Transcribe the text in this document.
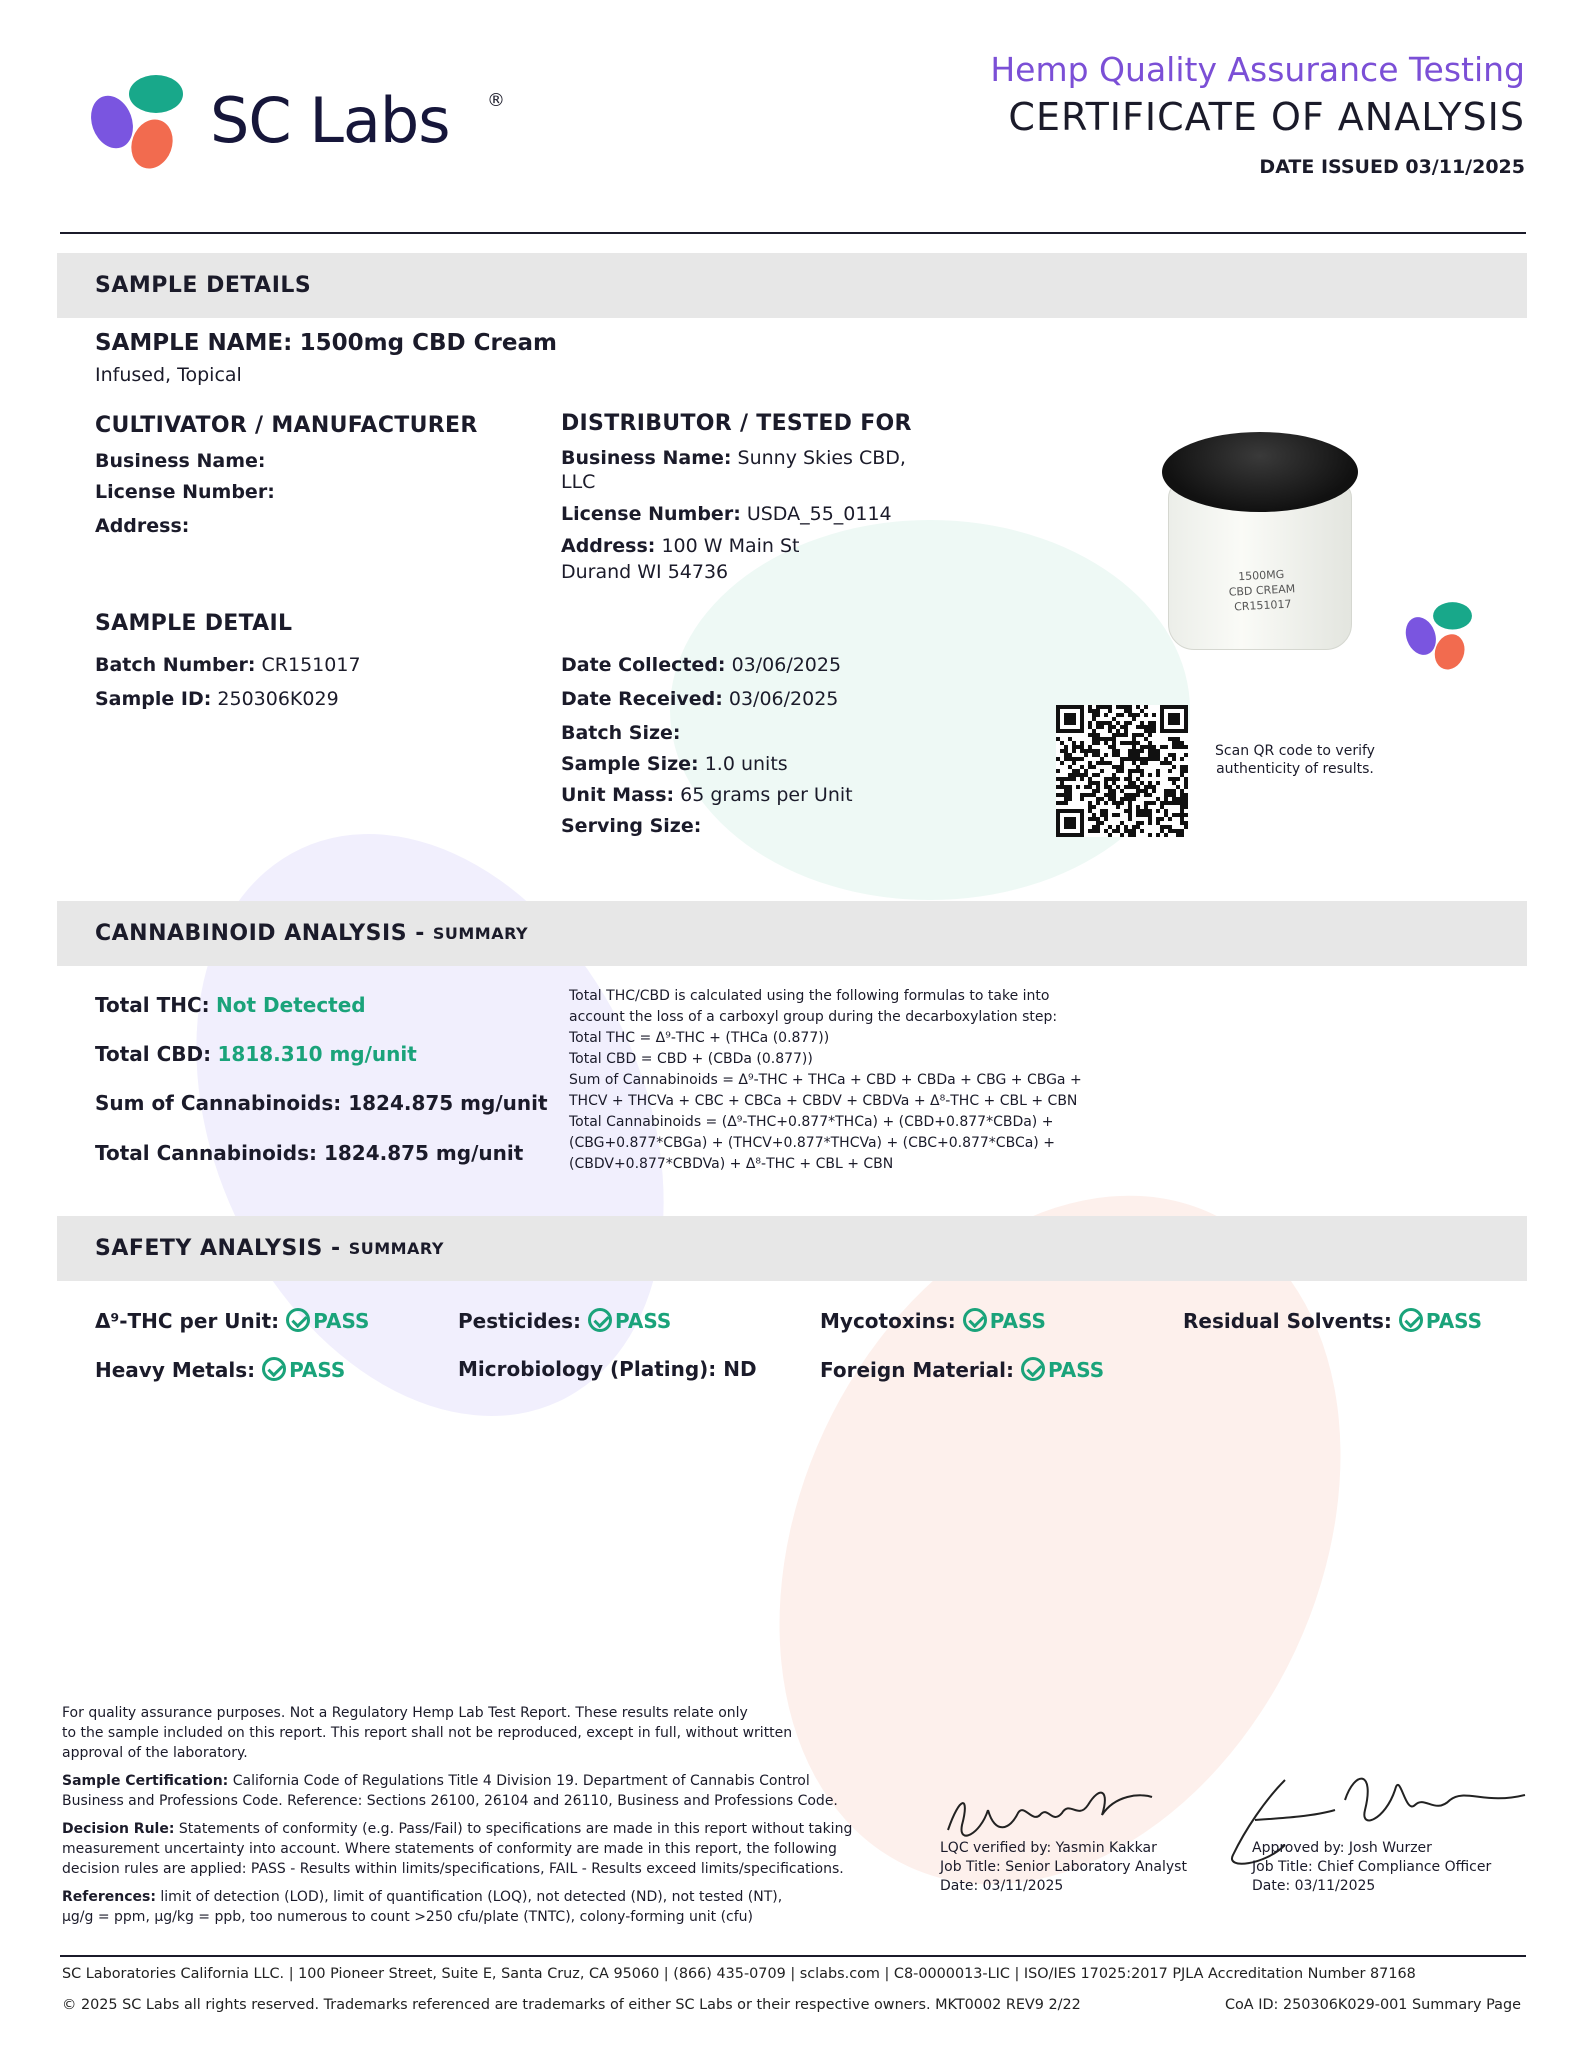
SC Labs ®
Hemp Quality Assurance Testing
CERTIFICATE OF ANALYSIS
DATE ISSUED 03/11/2025
SAMPLE DETAILS
SAMPLE NAME: 1500mg CBD Cream
Infused, Topical
CULTIVATOR / MANUFACTURER
Business Name:
License Number:
Address:
DISTRIBUTOR / TESTED FOR
Business Name: Sunny Skies CBD,
LLC
License Number: USDA_55_0114
Address: 100 W Main St
Durand WI 54736	1500MG
CBD CREAM
CR151017
SAMPLE DETAIL
Batch Number: CR151017
Sample ID: 250306K029
Date Collected: 03/06/2025
Date Received: 03/06/2025
Batch Size:
Sample Size: 1.0 units
Unit Mass: 65 grams per Unit
Serving Size:
Scan QR code to verify
authenticity of results.
CANNABINOID ANALYSIS - SUMMARY
Total THC: Not Detected
Total CBD: 1818.310 mg/unit
Sum of Cannabinoids: 1824.875 mg/unit
Total Cannabinoids: 1824.875 mg/unit
Total THC/CBD is calculated using the following formulas to take into
account the loss of a carboxyl group during the decarboxylation step:
Total THC = Δ⁹-THC + (THCa (0.877))
Total CBD = CBD + (CBDa (0.877))
Sum of Cannabinoids = Δ⁹-THC + THCa + CBD + CBDa + CBG + CBGa +
THCV + THCVa + CBC + CBCa + CBDV + CBDVa + Δ⁸-THC + CBL + CBN
Total Cannabinoids = (Δ⁹-THC+0.877*THCa) + (CBD+0.877*CBDa) +
(CBG+0.877*CBGa) + (THCV+0.877*THCVa) + (CBC+0.877*CBCa) +
(CBDV+0.877*CBDVa) + Δ⁸-THC + CBL + CBN
SAFETY ANALYSIS - SUMMARY
Δ⁹-THC per Unit: PASS	Pesticides: PASS	Mycotoxins: PASS	Residual Solvents: PASS
Heavy Metals: PASS	Microbiology (Plating): ND	Foreign Material: PASS
For quality assurance purposes. Not a Regulatory Hemp Lab Test Report. These results relate only
to the sample included on this report. This report shall not be reproduced, except in full, without written
approval of the laboratory.
Sample Certification: California Code of Regulations Title 4 Division 19. Department of Cannabis Control
Business and Professions Code. Reference: Sections 26100, 26104 and 26110, Business and Professions Code.
Decision Rule: Statements of conformity (e.g. Pass/Fail) to specifications are made in this report without taking
measurement uncertainty into account. Where statements of conformity are made in this report, the following
decision rules are applied: PASS - Results within limits/specifications, FAIL - Results exceed limits/specifications.
References: limit of detection (LOD), limit of quantification (LOQ), not detected (ND), not tested (NT),
µg/g = ppm, µg/kg = ppb, too numerous to count >250 cfu/plate (TNTC), colony-forming unit (cfu)
LQC verified by: Yasmin Kakkar
Job Title: Senior Laboratory Analyst
Date: 03/11/2025
Approved by: Josh Wurzer
Job Title: Chief Compliance Officer
Date: 03/11/2025
SC Laboratories California LLC. | 100 Pioneer Street, Suite E, Santa Cruz, CA 95060 | (866) 435-0709 | sclabs.com | C8-0000013-LIC | ISO/IES 17025:2017 PJLA Accreditation Number 87168
© 2025 SC Labs all rights reserved. Trademarks referenced are trademarks of either SC Labs or their respective owners. MKT0002 REV9 2/22	CoA ID: 250306K029-001 Summary Page
